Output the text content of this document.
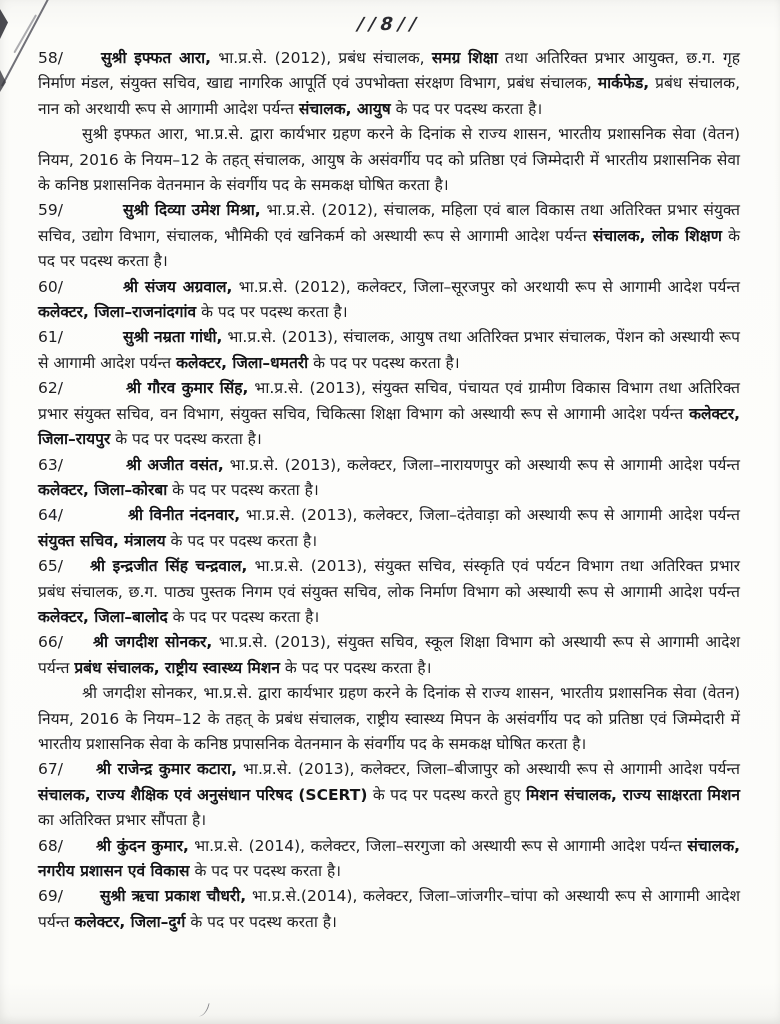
//8//

58/ सुश्री इफ्फत आरा, भा.प्र.से. (2012), प्रबंध संचालक, समग्र शिक्षा तथा अतिरिक्त प्रभार आयुक्त, छ.ग. गृह निर्माण मंडल, संयुक्त सचिव, खाद्य नागरिक आपूर्ति एवं उपभोक्ता संरक्षण विभाग, प्रबंध संचालक, मार्कफेड, प्रबंध संचालक, नान को अरथायी रूप से आगामी आदेश पर्यन्त संचालक, आयुष के पद पर पदस्थ करता है।

सुश्री इफ्फत आरा, भा.प्र.से. द्वारा कार्यभार ग्रहण करने के दिनांक से राज्य शासन, भारतीय प्रशासनिक सेवा (वेतन) नियम, 2016 के नियम–12 के तहत् संचालक, आयुष के असंवर्गीय पद को प्रतिष्ठा एवं जिम्मेदारी में भारतीय प्रशासनिक सेवा के कनिष्ठ प्रशासनिक वेतनमान के संवर्गीय पद के समकक्ष घोषित करता है।

59/	सुश्री दिव्या उमेश मिश्रा, भा.प्र.से. (2012), संचालक, महिला एवं बाल विकास तथा अतिरिक्त प्रभार संयुक्त सचिव, उद्योग विभाग, संचालक, भौमिकी एवं खनिकर्म को अस्थायी रूप से आगामी आदेश पर्यन्त संचालक, लोक शिक्षण के पद पर पदस्थ करता है।

60/	श्री संजय अग्रवाल, भा.प्र.से. (2012), कलेक्टर, जिला–सूरजपुर को अरथायी रूप से आगामी आदेश पर्यन्त कलेक्टर, जिला–राजनांदगांव के पद पर पदस्थ करता है।

61/	सुश्री नम्रता गांधी, भा.प्र.से. (2013), संचालक, आयुष तथा अतिरिक्त प्रभार संचालक, पेंशन को अस्थायी रूप से आगामी आदेश पर्यन्त कलेक्टर, जिला–धमतरी के पद पर पदस्थ करता है।

62/	श्री गौरव कुमार सिंह, भा.प्र.से. (2013), संयुक्त सचिव, पंचायत एवं ग्रामीण विकास विभाग तथा अतिरिक्त प्रभार संयुक्त सचिव, वन विभाग, संयुक्त सचिव, चिकित्सा शिक्षा विभाग को अस्थायी रूप से आगामी आदेश पर्यन्त कलेक्टर, जिला–रायपुर के पद पर पदस्थ करता है।

63/	श्री अजीत वसंत, भा.प्र.से. (2013), कलेक्टर, जिला–नारायणपुर को अस्थायी रूप से आगामी आदेश पर्यन्त कलेक्टर, जिला–कोरबा के पद पर पदस्थ करता है।

64/	श्री विनीत नंदनवार, भा.प्र.से. (2013), कलेक्टर, जिला–दंतेवाड़ा को अस्थायी रूप से आगामी आदेश पर्यन्त संयुक्त सचिव, मंत्रालय के पद पर पदस्थ करता है।

65/ श्री इन्द्रजीत सिंह चन्द्रवाल, भा.प्र.से. (2013), संयुक्त सचिव, संस्कृति एवं पर्यटन विभाग तथा अतिरिक्त प्रभार प्रबंध संचालक, छ.ग. पाठ्य पुस्तक निगम एवं संयुक्त सचिव, लोक निर्माण विभाग को अस्थायी रूप से आगामी आदेश पर्यन्त कलेक्टर, जिला–बालोद के पद पर पदस्थ करता है।

66/ श्री जगदीश सोनकर, भा.प्र.से. (2013), संयुक्त सचिव, स्कूल शिक्षा विभाग को अस्थायी रूप से आगामी आदेश पर्यन्त प्रबंध संचालक, राष्ट्रीय स्वास्थ्य मिशन के पद पर पदस्थ करता है।

श्री जगदीश सोनकर, भा.प्र.से. द्वारा कार्यभार ग्रहण करने के दिनांक से राज्य शासन, भारतीय प्रशासनिक सेवा (वेतन) नियम, 2016 के नियम–12 के तहत् के प्रबंध संचालक, राष्ट्रीय स्वास्थ्य मिपन के असंवर्गीय पद को प्रतिष्ठा एवं जिम्मेदारी में भारतीय प्रशासनिक सेवा के कनिष्ठ प्रपासनिक वेतनमान के संवर्गीय पद के समकक्ष घोषित करता है।

67/ श्री राजेन्द्र कुमार कटारा, भा.प्र.से. (2013), कलेक्टर, जिला–बीजापुर को अस्थायी रूप से आगामी आदेश पर्यन्त संचालक, राज्य शैक्षिक एवं अनुसंधान परिषद (SCERT) के पद पर पदस्थ करते हुए मिशन संचालक, राज्य साक्षरता मिशन का अतिरिक्त प्रभार सौंपता है।

68/ श्री कुंदन कुमार, भा.प्र.से. (2014), कलेक्टर, जिला–सरगुजा को अस्थायी रूप से आगामी आदेश पर्यन्त संचालक, नगरीय प्रशासन एवं विकास के पद पर पदस्थ करता है।

69/ सुश्री ऋचा प्रकाश चौधरी, भा.प्र.से.(2014), कलेक्टर, जिला–जांजगीर–चांपा को अस्थायी रूप से आगामी आदेश पर्यन्त कलेक्टर, जिला–दुर्ग के पद पर पदस्थ करता है।
